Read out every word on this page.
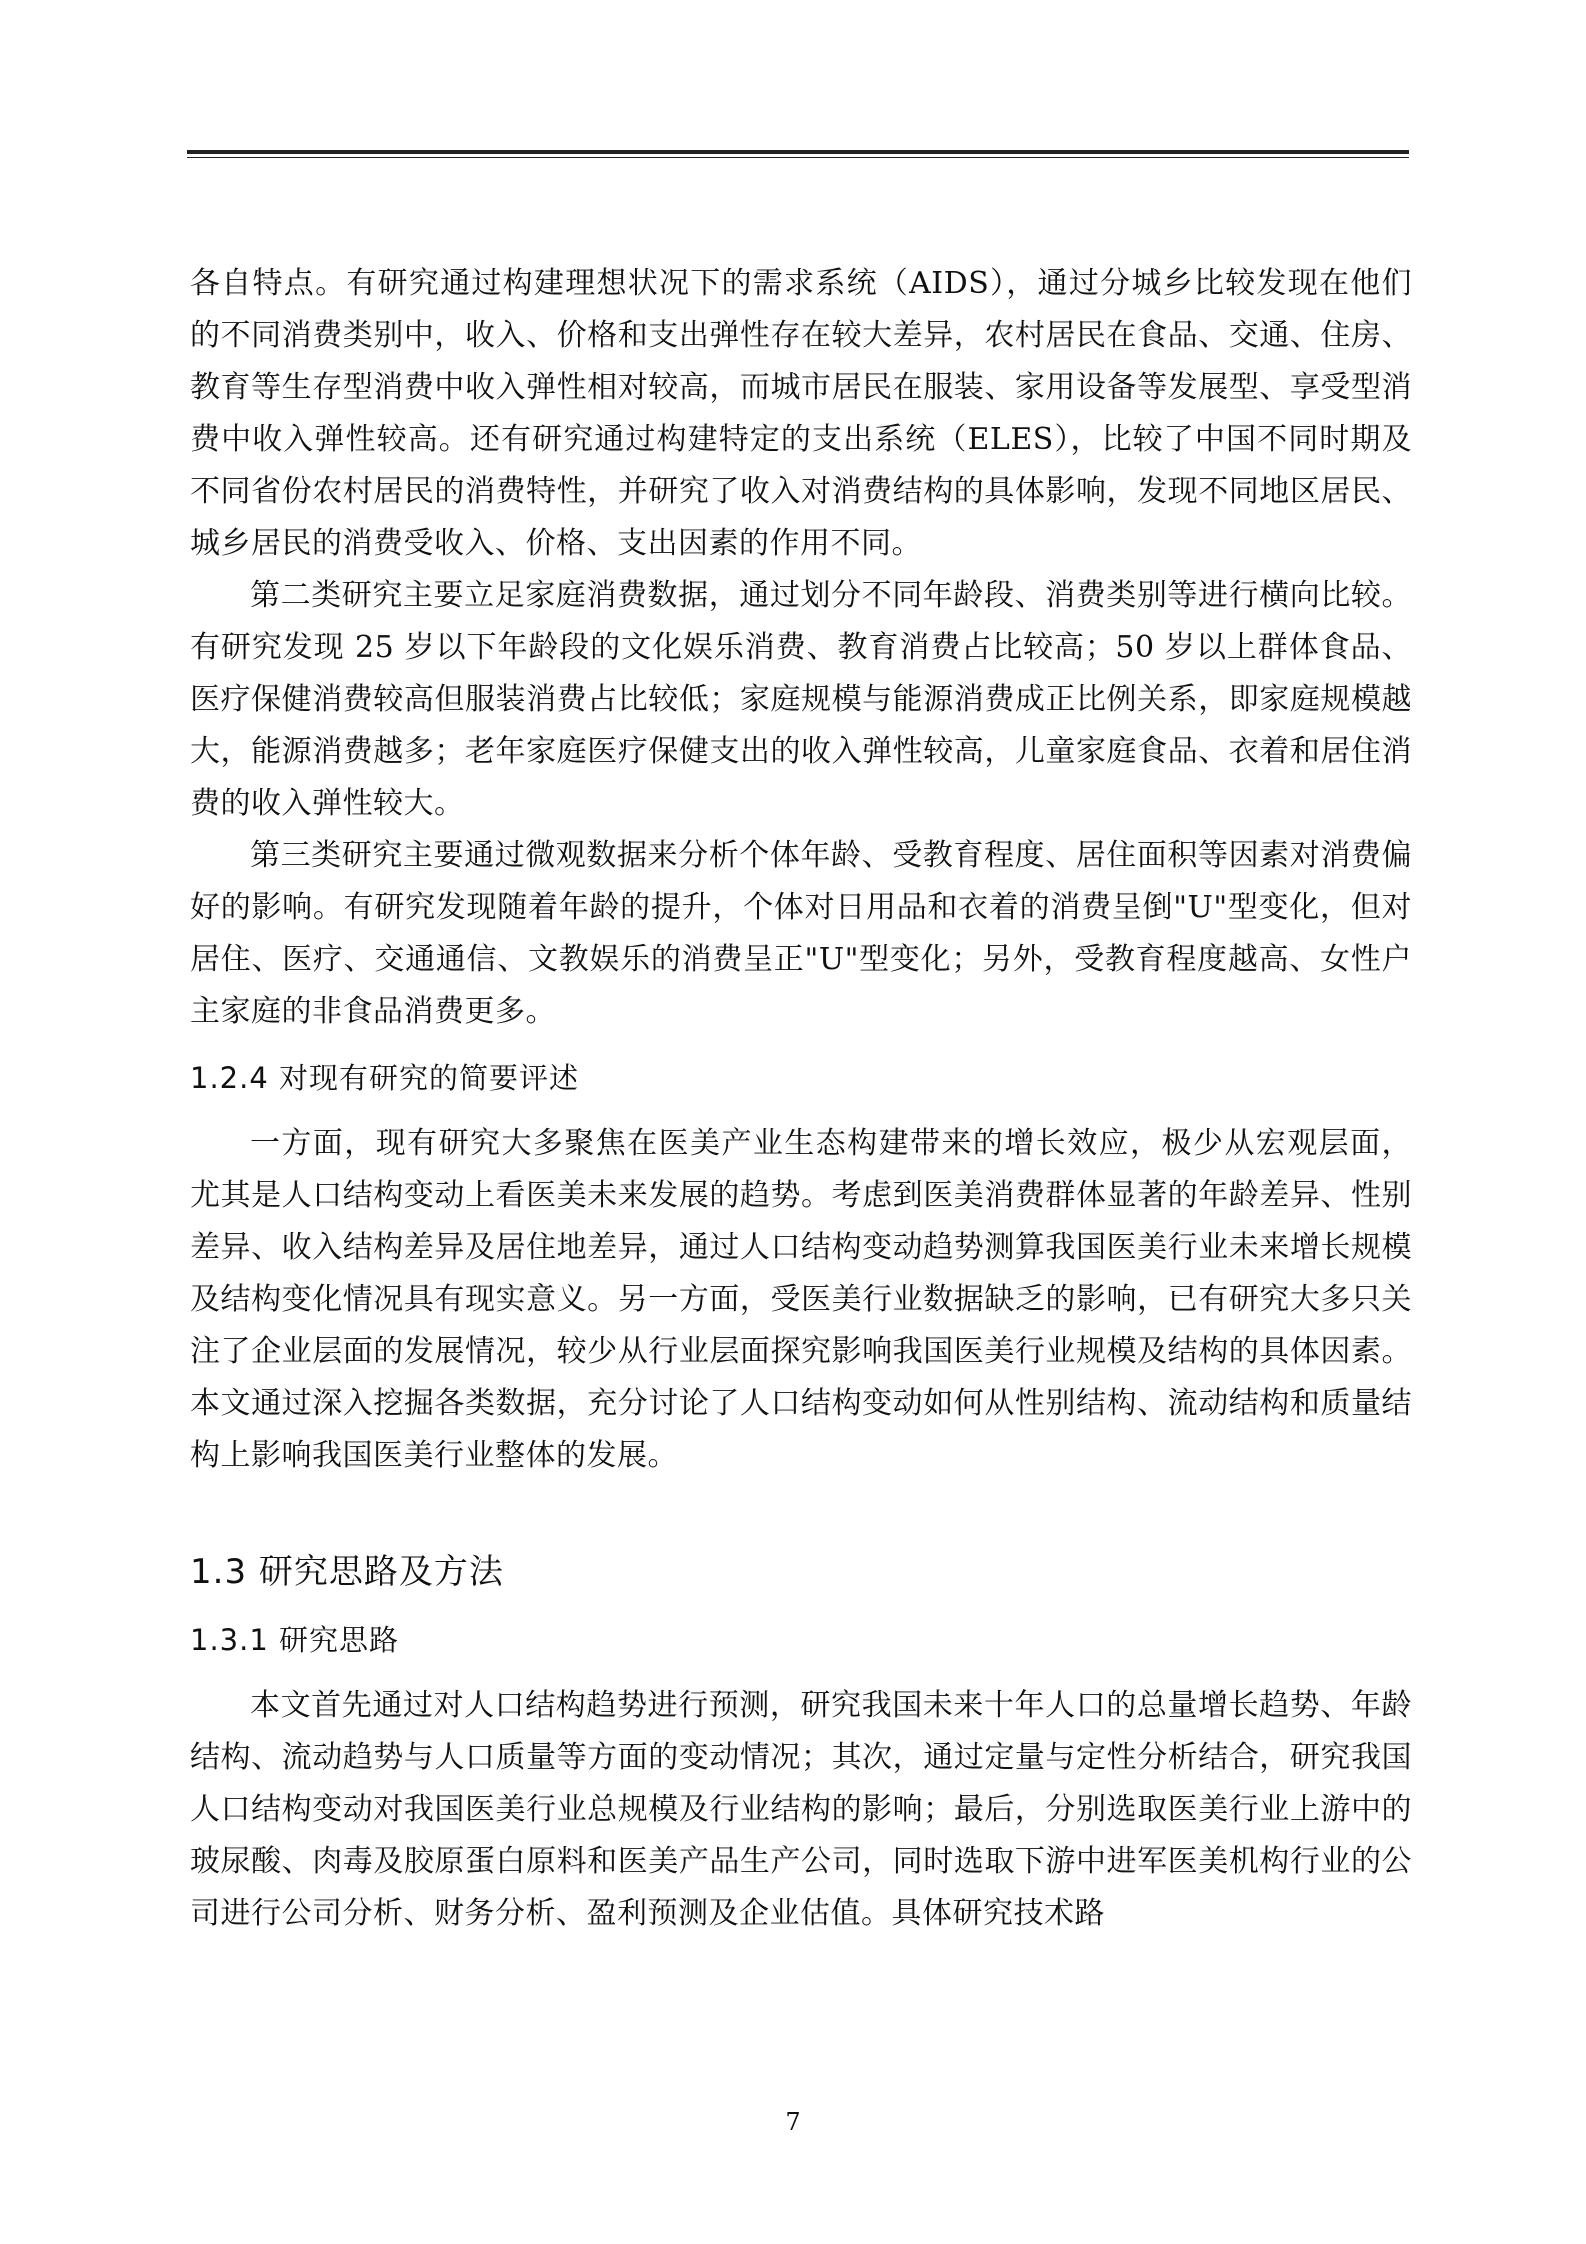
各自特点。有研究通过构建理想状况下的需求系统（AIDS），通过分城乡比较发现在他们的不同消费类别中，收入、价格和支出弹性存在较大差异，农村居民在食品、交通、住房、教育等生存型消费中收入弹性相对较高，而城市居民在服装、家用设备等发展型、享受型消费中收入弹性较高。还有研究通过构建特定的支出系统（ELES），比较了中国不同时期及不同省份农村居民的消费特性，并研究了收入对消费结构的具体影响，发现不同地区居民、城乡居民的消费受收入、价格、支出因素的作用不同。

第二类研究主要立足家庭消费数据，通过划分不同年龄段、消费类别等进行横向比较。有研究发现 25 岁以下年龄段的文化娱乐消费、教育消费占比较高；50 岁以上群体食品、医疗保健消费较高但服装消费占比较低；家庭规模与能源消费成正比例关系，即家庭规模越大，能源消费越多；老年家庭医疗保健支出的收入弹性较高，儿童家庭食品、衣着和居住消费的收入弹性较大。

第三类研究主要通过微观数据来分析个体年龄、受教育程度、居住面积等因素对消费偏好的影响。有研究发现随着年龄的提升，个体对日用品和衣着的消费呈倒"U"型变化，但对居住、医疗、交通通信、文教娱乐的消费呈正"U"型变化；另外，受教育程度越高、女性户主家庭的非食品消费更多。

1.2.4 对现有研究的简要评述

一方面，现有研究大多聚焦在医美产业生态构建带来的增长效应，极少从宏观层面， 尤其是人口结构变动上看医美未来发展的趋势。考虑到医美消费群体显著的年龄差异、性别差异、收入结构差异及居住地差异，通过人口结构变动趋势测算我国医美行业未来增长规模及结构变化情况具有现实意义。另一方面，受医美行业数据缺乏的影响，已有研究大多只关注了企业层面的发展情况，较少从行业层面探究影响我国医美行业规模及结构的具体因素。本文通过深入挖掘各类数据，充分讨论了人口结构变动如何从性别结构、流动结构和质量结构上影响我国医美行业整体的发展。

1.3 研究思路及方法
1.3.1 研究思路

本文首先通过对人口结构趋势进行预测，研究我国未来十年人口的总量增长趋势、年龄结构、流动趋势与人口质量等方面的变动情况；其次，通过定量与定性分析结合，研究我国人口结构变动对我国医美行业总规模及行业结构的影响；最后，分别选取医美行业上游中的玻尿酸、肉毒及胶原蛋白原料和医美产品生产公司，同时选取下游中进军医美机构行业的公司进行公司分析、财务分析、盈利预测及企业估值。具体研究技术路

7
